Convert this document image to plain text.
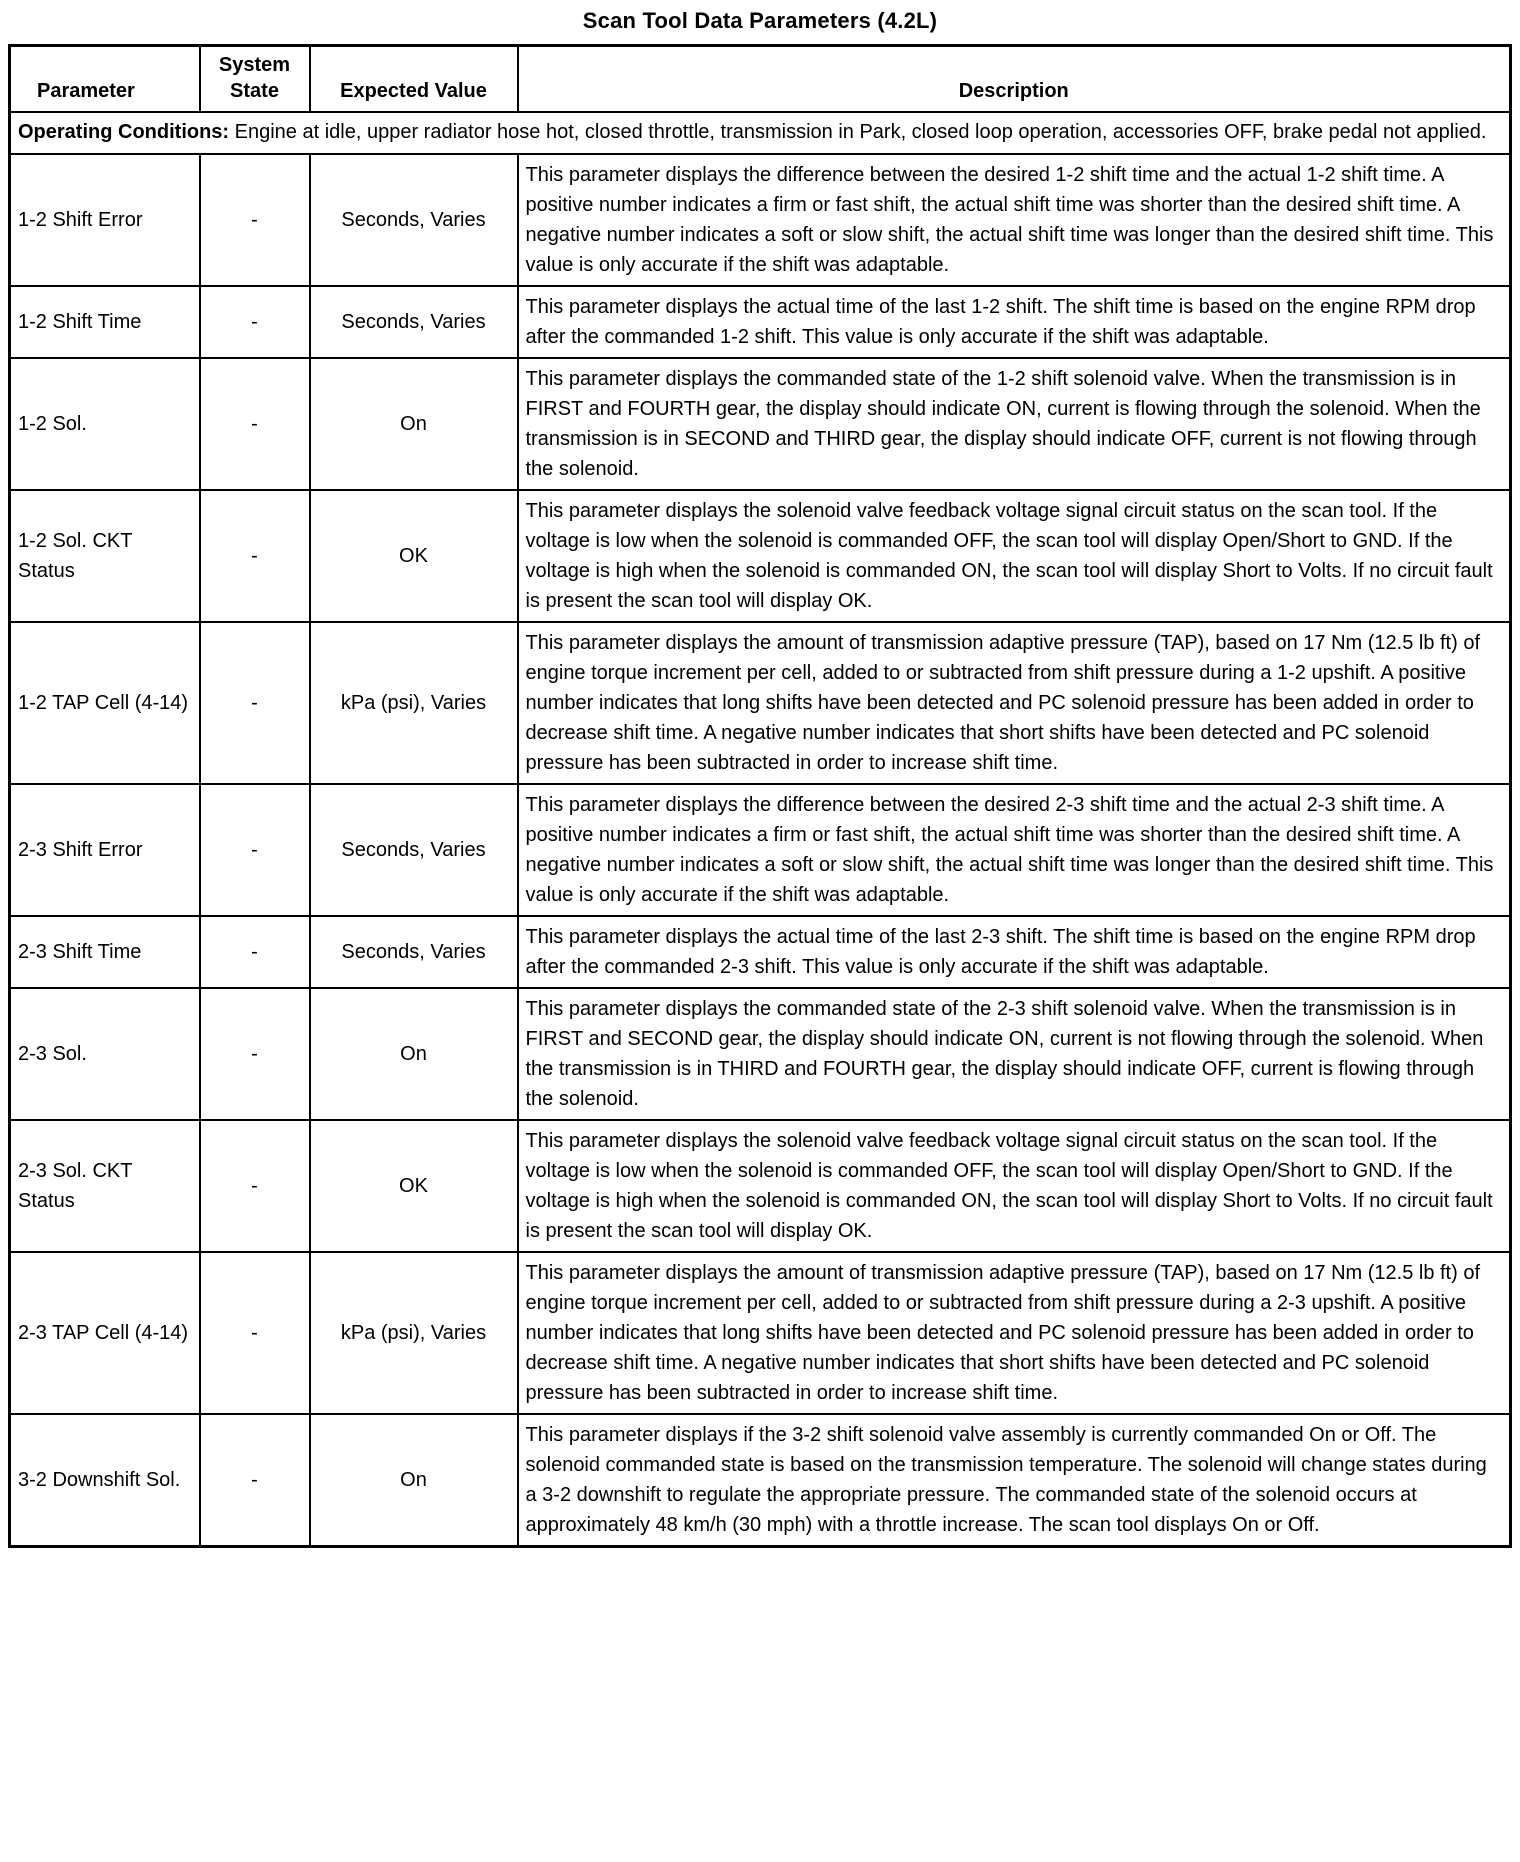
Scan Tool Data Parameters (4.2L)
Parameter	System State	Expected Value	Description
Operating Conditions: Engine at idle, upper radiator hose hot, closed throttle, transmission in Park, closed loop operation, accessories OFF, brake pedal not applied.			
1-2 Shift Error	-	Seconds, Varies	This parameter displays the difference between the desired 1-2 shift time and the actual 1-2 shift time. A positive number indicates a firm or fast shift, the actual shift time was shorter than the desired shift time. A negative number indicates a soft or slow shift, the actual shift time was longer than the desired shift time. This value is only accurate if the shift was adaptable.
1-2 Shift Time	-	Seconds, Varies	This parameter displays the actual time of the last 1-2 shift. The shift time is based on the engine RPM drop after the commanded 1-2 shift. This value is only accurate if the shift was adaptable.
1-2 Sol.	-	On	This parameter displays the commanded state of the 1-2 shift solenoid valve. When the transmission is in FIRST and FOURTH gear, the display should indicate ON, current is flowing through the solenoid. When the transmission is in SECOND and THIRD gear, the display should indicate OFF, current is not flowing through the solenoid.
1-2 Sol. CKT Status	-	OK	This parameter displays the solenoid valve feedback voltage signal circuit status on the scan tool. If the voltage is low when the solenoid is commanded OFF, the scan tool will display Open/Short to GND. If the voltage is high when the solenoid is commanded ON, the scan tool will display Short to Volts. If no circuit fault is present the scan tool will display OK.
1-2 TAP Cell (4-14)	-	kPa (psi), Varies	This parameter displays the amount of transmission adaptive pressure (TAP), based on 17 Nm (12.5 lb ft) of engine torque increment per cell, added to or subtracted from shift pressure during a 1-2 upshift. A positive number indicates that long shifts have been detected and PC solenoid pressure has been added in order to decrease shift time. A negative number indicates that short shifts have been detected and PC solenoid pressure has been subtracted in order to increase shift time.
2-3 Shift Error	-	Seconds, Varies	This parameter displays the difference between the desired 2-3 shift time and the actual 2-3 shift time. A positive number indicates a firm or fast shift, the actual shift time was shorter than the desired shift time. A negative number indicates a soft or slow shift, the actual shift time was longer than the desired shift time. This value is only accurate if the shift was adaptable.
2-3 Shift Time	-	Seconds, Varies	This parameter displays the actual time of the last 2-3 shift. The shift time is based on the engine RPM drop after the commanded 2-3 shift. This value is only accurate if the shift was adaptable.
2-3 Sol.	-	On	This parameter displays the commanded state of the 2-3 shift solenoid valve. When the transmission is in FIRST and SECOND gear, the display should indicate ON, current is not flowing through the solenoid. When the transmission is in THIRD and FOURTH gear, the display should indicate OFF, current is flowing through the solenoid.
2-3 Sol. CKT Status	-	OK	This parameter displays the solenoid valve feedback voltage signal circuit status on the scan tool. If the voltage is low when the solenoid is commanded OFF, the scan tool will display Open/Short to GND. If the voltage is high when the solenoid is commanded ON, the scan tool will display Short to Volts. If no circuit fault is present the scan tool will display OK.
2-3 TAP Cell (4-14)	-	kPa (psi), Varies	This parameter displays the amount of transmission adaptive pressure (TAP), based on 17 Nm (12.5 lb ft) of engine torque increment per cell, added to or subtracted from shift pressure during a 2-3 upshift. A positive number indicates that long shifts have been detected and PC solenoid pressure has been added in order to decrease shift time. A negative number indicates that short shifts have been detected and PC solenoid pressure has been subtracted in order to increase shift time.
3-2 Downshift Sol.	-	On	This parameter displays if the 3-2 shift solenoid valve assembly is currently commanded On or Off. The solenoid commanded state is based on the transmission temperature. The solenoid will change states during a 3-2 downshift to regulate the appropriate pressure. The commanded state of the solenoid occurs at approximately 48 km/h (30 mph) with a throttle increase. The scan tool displays On or Off.
